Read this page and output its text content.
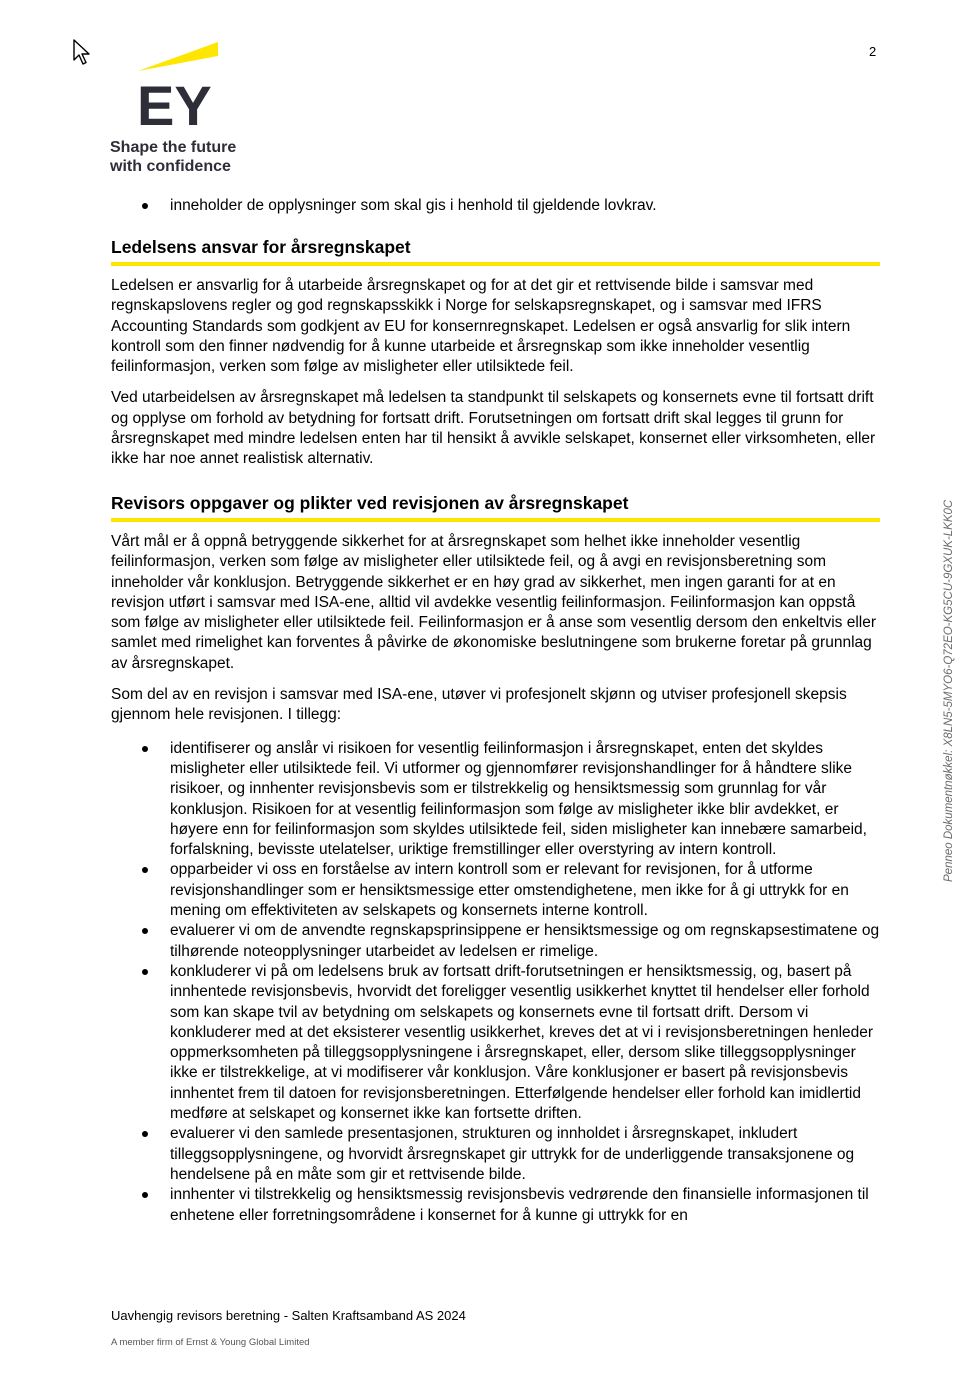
2
EY
Shape the future
with confidence
inneholder de opplysninger som skal gis i henhold til gjeldende lovkrav.
Ledelsens ansvar for årsregnskapet

Ledelsen er ansvarlig for å utarbeide årsregnskapet og for at det gir et rettvisende bilde i samsvar med regnskapslovens regler og god regnskapsskikk i Norge for selskapsregnskapet, og i samsvar med IFRS Accounting Standards som godkjent av EU for konsernregnskapet. Ledelsen er også ansvarlig for slik intern kontroll som den finner nødvendig for å kunne utarbeide et årsregnskap som ikke inneholder vesentlig feilinformasjon, verken som følge av misligheter eller utilsiktede feil.

Ved utarbeidelsen av årsregnskapet må ledelsen ta standpunkt til selskapets og konsernets evne til fortsatt drift og opplyse om forhold av betydning for fortsatt drift. Forutsetningen om fortsatt drift skal legges til grunn for årsregnskapet med mindre ledelsen enten har til hensikt å avvikle selskapet, konsernet eller virksomheten, eller ikke har noe annet realistisk alternativ.

Revisors oppgaver og plikter ved revisjonen av årsregnskapet

Vårt mål er å oppnå betryggende sikkerhet for at årsregnskapet som helhet ikke inneholder vesentlig feilinformasjon, verken som følge av misligheter eller utilsiktede feil, og å avgi en revisjonsberetning som inneholder vår konklusjon. Betryggende sikkerhet er en høy grad av sikkerhet, men ingen garanti for at en revisjon utført i samsvar med ISA-ene, alltid vil avdekke vesentlig feilinformasjon. Feilinformasjon kan oppstå som følge av misligheter eller utilsiktede feil. Feilinformasjon er å anse som vesentlig dersom den enkeltvis eller samlet med rimelighet kan forventes å påvirke de økonomiske beslutningene som brukerne foretar på grunnlag av årsregnskapet.

Som del av en revisjon i samsvar med ISA-ene, utøver vi profesjonelt skjønn og utviser profesjonell skepsis gjennom hele revisjonen. I tillegg:

identifiserer og anslår vi risikoen for vesentlig feilinformasjon i årsregnskapet, enten det skyldes misligheter eller utilsiktede feil. Vi utformer og gjennomfører revisjonshandlinger for å håndtere slike risikoer, og innhenter revisjonsbevis som er tilstrekkelig og hensiktsmessig som grunnlag for vår konklusjon. Risikoen for at vesentlig feilinformasjon som følge av misligheter ikke blir avdekket, er høyere enn for feilinformasjon som skyldes utilsiktede feil, siden misligheter kan innebære samarbeid, forfalskning, bevisste utelatelser, uriktige fremstillinger eller overstyring av intern kontroll.
opparbeider vi oss en forståelse av intern kontroll som er relevant for revisjonen, for å utforme revisjonshandlinger som er hensiktsmessige etter omstendighetene, men ikke for å gi uttrykk for en mening om effektiviteten av selskapets og konsernets interne kontroll.
evaluerer vi om de anvendte regnskapsprinsippene er hensiktsmessige og om regnskapsestimatene og tilhørende noteopplysninger utarbeidet av ledelsen er rimelige.
konkluderer vi på om ledelsens bruk av fortsatt drift-forutsetningen er hensiktsmessig, og, basert på innhentede revisjonsbevis, hvorvidt det foreligger vesentlig usikkerhet knyttet til hendelser eller forhold som kan skape tvil av betydning om selskapets og konsernets evne til fortsatt drift. Dersom vi konkluderer med at det eksisterer vesentlig usikkerhet, kreves det at vi i revisjonsberetningen henleder oppmerksomheten på tilleggsopplysningene i årsregnskapet, eller, dersom slike tilleggsopplysninger ikke er tilstrekkelige, at vi modifiserer vår konklusjon. Våre konklusjoner er basert på revisjonsbevis innhentet frem til datoen for revisjonsberetningen. Etterfølgende hendelser eller forhold kan imidlertid medføre at selskapet og konsernet ikke kan fortsette driften.
evaluerer vi den samlede presentasjonen, strukturen og innholdet i årsregnskapet, inkludert tilleggsopplysningene, og hvorvidt årsregnskapet gir uttrykk for de underliggende transaksjonene og hendelsene på en måte som gir et rettvisende bilde.
innhenter vi tilstrekkelig og hensiktsmessig revisjonsbevis vedrørende den finansielle informasjonen til enhetene eller forretningsområdene i konsernet for å kunne gi uttrykk for en
Uavhengig revisors beretning - Salten Kraftsamband AS 2024
A member firm of Ernst & Young Global Limited
Penneo Dokumentnøkkel: X8LN5-5MYO6-Q72EO-KG5CU-9GXUK-LKK0C
